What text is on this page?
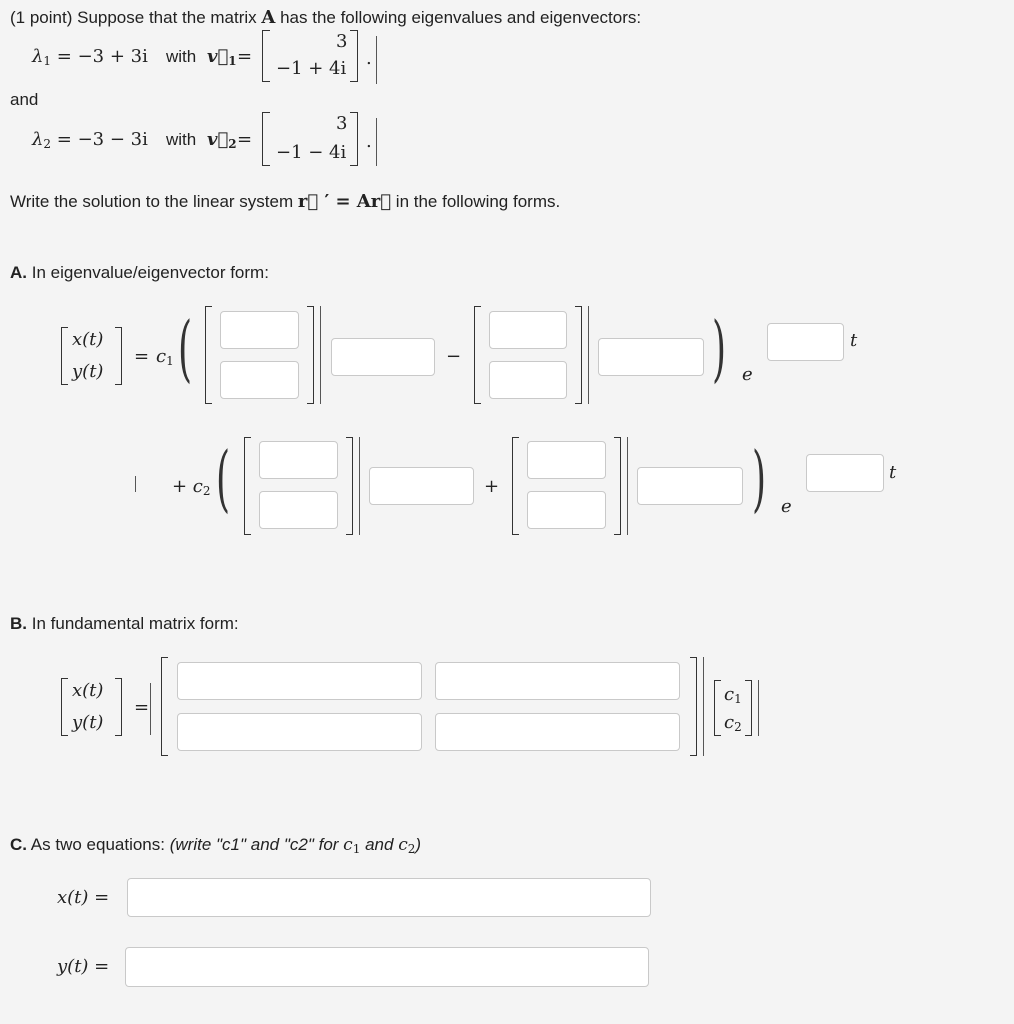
(1 point) Suppose that the matrix A has the following eigenvalues and eigenvectors:
$\lambda_1 = -3 + 3i$ with $v⃗_1$ =
3
−1 + 4i .
and
$\lambda_2 = -3 - 3i$ with $v⃗_2$ =
3
−1 − 4i
.
Write the solution to the linear system r⃗ ′ = Ar⃗ in the following forms.
A. In eigenvalue/eigenvector form:
x(t)
y(t)
= $c_1$ (	−	) e
t
+ $c_2$ (	+	) e
t
B. In fundamental matrix form:
x(t)
y(t)
=
$c_1$
$c_2$
C. As two equations: (write "c1" and "c2" for $c_1$ and $c_2$)
x(t) =
y(t) =
